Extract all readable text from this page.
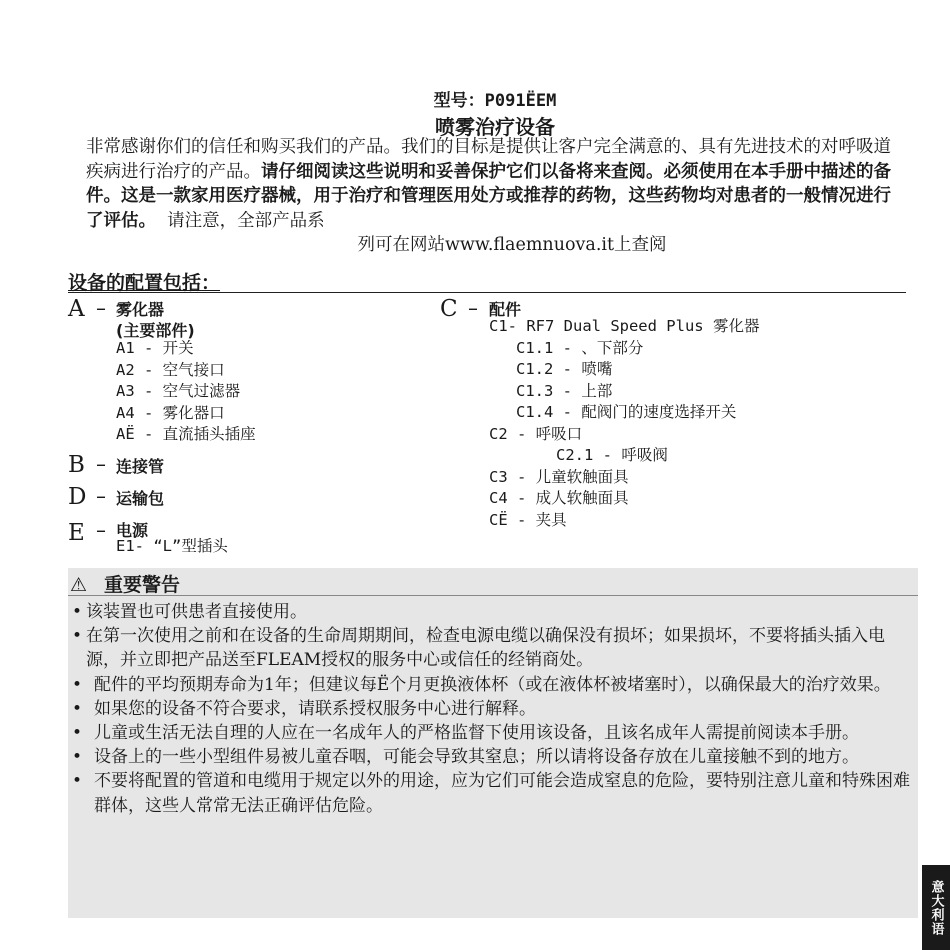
型号：P091ЁEM
喷雾治疗设备
非常感谢你们的信任和购买我们的产品。我们的目标是提供让客户完全满意的、具有先进技术的对呼吸道疾病进行治疗的产品。请仔细阅读这些说明和妥善保护它们以备将来查阅。必须使用在本手册中描述的备件。这是一款家用医疗器械，用于治疗和管理医用处方或推荐的药物，这些药物均对患者的一般情况进行了评估。 请注意，全部产品系
列可在网站www.flaemnuova.it上查阅
设备的配置包括：
A – 雾化器
(主要部件)
A1 - 开关
A2 - 空气接口
A3 - 空气过滤器
A4 - 雾化器口
AЁ - 直流插头插座
B – 连接管
D – 运输包
E – 电源
E1- “L”型插头
C – 配件
C1- RF7 Dual Speed Plus 雾化器
C1.1 - 、下部分
C1.2 - 喷嘴
C1.3 - 上部
C1.4 - 配阀门的速度选择开关
C2 - 呼吸口
C2.1 - 呼吸阀
C3 - 儿童软触面具
C4 - 成人软触面具
CЁ - 夹具
⚠ 重要警告
• 该装置也可供患者直接使用。
• 在第一次使用之前和在设备的生命周期期间，检查电源电缆以确保没有损坏；如果损坏，不要将插头插入电源，并立即把产品送至FLEAM授权的服务中心或信任的经销商处。
• 配件的平均预期寿命为1年；但建议每Ё个月更换液体杯（或在液体杯被堵塞时），以确保最大的治疗效果。
• 如果您的设备不符合要求，请联系授权服务中心进行解释。
• 儿童或生活无法自理的人应在一名成年人的严格监督下使用该设备，且该名成年人需提前阅读本手册。
• 设备上的一些小型组件易被儿童吞咽，可能会导致其窒息；所以请将设备存放在儿童接触不到的地方。
• 不要将配置的管道和电缆用于规定以外的用途，应为它们可能会造成窒息的危险，要特别注意儿童和特殊困难群体，这些人常常无法正确评估危险。
意大利语
